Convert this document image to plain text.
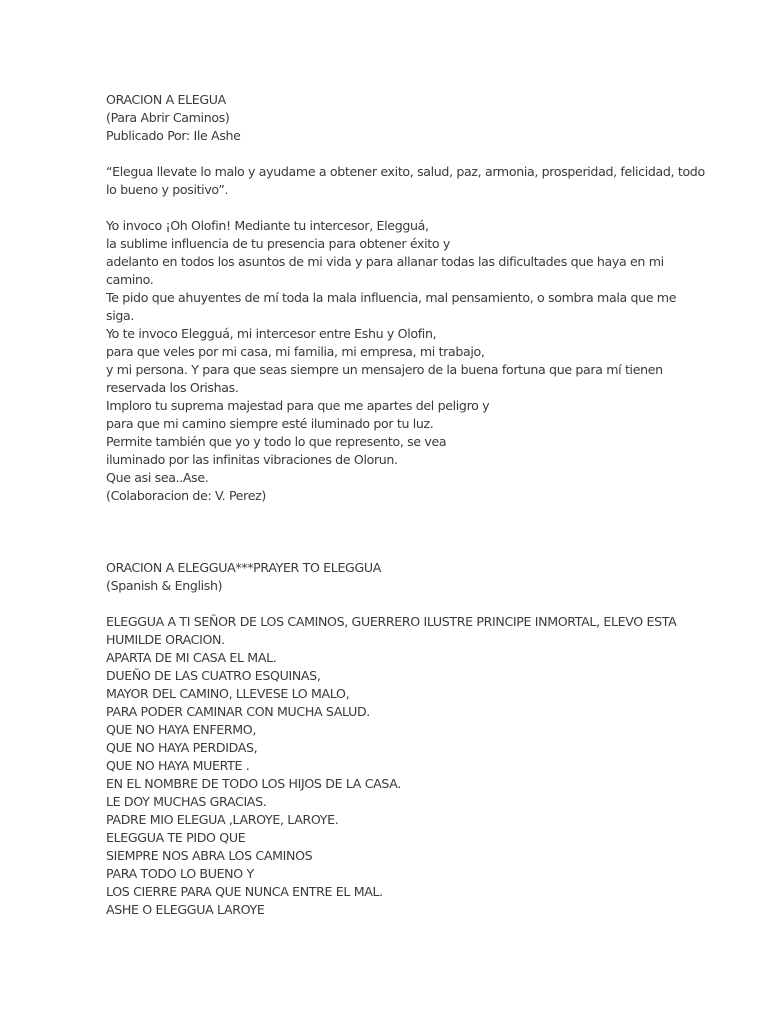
ORACION A ELEGUA
(Para Abrir Caminos)
Publicado Por: Ile Ashe
“Elegua llevate lo malo y ayudame a obtener exito, salud, paz, armonia, prosperidad, felicidad, todo
lo bueno y positivo”.
Yo invoco ¡Oh Olofin! Mediante tu intercesor, Elegguá,
la sublime influencia de tu presencia para obtener éxito y
adelanto en todos los asuntos de mi vida y para allanar todas las dificultades que haya en mi
camino.
Te pido que ahuyentes de mí toda la mala influencia, mal pensamiento, o sombra mala que me
siga.
Yo te invoco Elegguá, mi intercesor entre Eshu y Olofin,
para que veles por mi casa, mi familia, mi empresa, mi trabajo,
y mi persona. Y para que seas siempre un mensajero de la buena fortuna que para mí tienen
reservada los Orishas.
Imploro tu suprema majestad para que me apartes del peligro y
para que mi camino siempre esté iluminado por tu luz.
Permite también que yo y todo lo que represento, se vea
iluminado por las infinitas vibraciones de Olorun.
Que asi sea..Ase.
(Colaboracion de: V. Perez)
ORACION A ELEGGUA***PRAYER TO ELEGGUA
(Spanish & English)
ELEGGUA A TI SEÑOR DE LOS CAMINOS, GUERRERO ILUSTRE PRINCIPE INMORTAL, ELEVO ESTA
HUMILDE ORACION.
APARTA DE MI CASA EL MAL.
DUEÑO DE LAS CUATRO ESQUINAS,
MAYOR DEL CAMINO, LLEVESE LO MALO,
PARA PODER CAMINAR CON MUCHA SALUD.
QUE NO HAYA ENFERMO,
QUE NO HAYA PERDIDAS,
QUE NO HAYA MUERTE .
EN EL NOMBRE DE TODO LOS HIJOS DE LA CASA.
LE DOY MUCHAS GRACIAS.
PADRE MIO ELEGUA ,LAROYE, LAROYE.
ELEGGUA TE PIDO QUE
SIEMPRE NOS ABRA LOS CAMINOS
PARA TODO LO BUENO Y
LOS CIERRE PARA QUE NUNCA ENTRE EL MAL.
ASHE O ELEGGUA LAROYE
